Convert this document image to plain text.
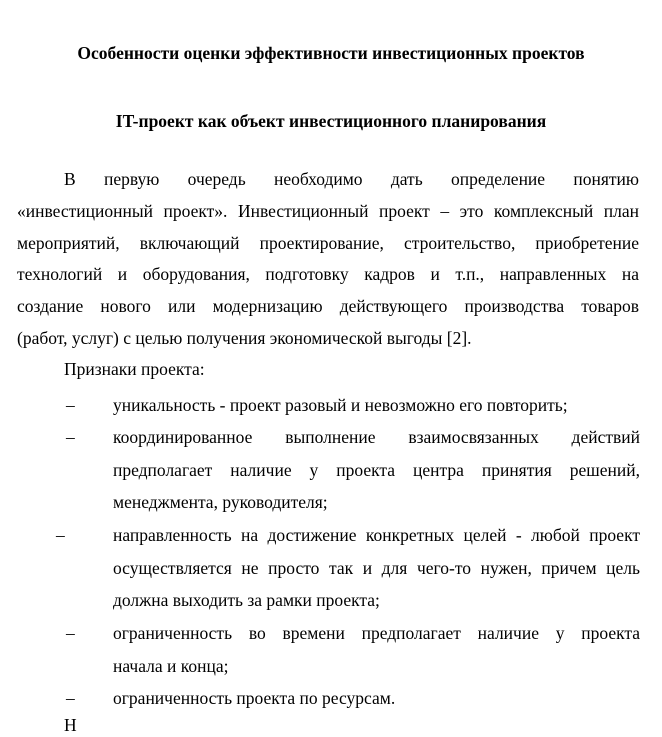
Особенности оценки эффективности инвестиционных проектов
IT-проект как объект инвестиционного планирования

В первую очередь необходимо дать определение понятию
«инвестиционный проект». Инвестиционный проект – это комплексный план
мероприятий, включающий проектирование, строительство, приобретение
технологий и оборудования, подготовку кадров и т.п., направленных на
создание нового или модернизацию действующего производства товаров
(работ, услуг) с целью получения экономической выгоды [2].

Признаки проекта:

– уникальность - проект разовый и невозможно его повторить;
– координированное выполнение взаимосвязанных действий
предполагает наличие у проекта центра принятия решений,
менеджмента, руководителя;
–	направленность на достижение конкретных целей - любой проект
осуществляется не просто так и для чего-то нужен, причем цель
должна выходить за рамки проекта;
– ограниченность во времени предполагает наличие у проекта
начала и конца;
– ограниченность проекта по ресурсам.
Н
